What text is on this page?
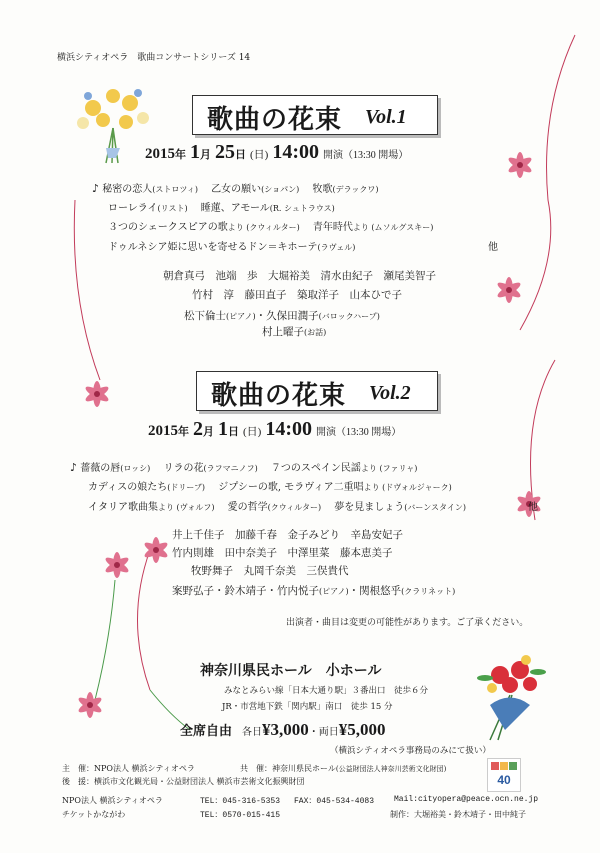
横浜シティオペラ　歌曲コンサートシリーズ 14
歌曲の花束 Vol.1
2015年 1月 25日 (日) 14:00 開演（13:30 開場）
♪ 秘密の恋人(ストロツィ)　 乙女の願い(ショパン)　 牧歌(デラックワ)
ローレライ(リスト)　 睡蓮、アモール(R. シュトラウス)
３つのシェークスピアの歌より (クウィルター)　 青年時代より (ムソルグスキー)
ドゥルネシア姫に思いを寄せるドン＝キホーテ(ラヴェル)	他
朝倉真弓　池端　歩　大堀裕美　清水由紀子　瀬尾美智子
竹村　淳　藤田直子　築取洋子　山本ひで子
松下倫士(ピアノ)・久保田潤子(バロックハープ)
村上曜子(お話)
歌曲の花束 Vol.2
2015年 2月 1日 (日) 14:00 開演（13:30 開場）
♪ 薔薇の唇(ロッシ)　 リラの花(ラフマニノフ)　 ７つのスペイン民謡より (ファリャ)
カディスの娘たち(ドリーブ)　 ジプシーの歌, モラヴィア二重唱より (ドヴォルジャーク)
イタリア歌曲集より (ヴォルフ)　 愛の哲学(クウィルター)　 夢を見ましょう(バーンスタイン)	他
井上千佳子　加藤千春　金子みどり　辛島安妃子
竹内則雄　田中奈美子　中澤里菜　藤本恵美子
牧野舞子　丸岡千奈美　三俣貴代
案野弘子・鈴木靖子・竹内悦子(ピアノ)・関根悠乎(クラリネット)
出演者・曲目は変更の可能性があります。ご了承ください。
神奈川県民ホール　小ホール
みなとみらい線「日本大通り駅」３番出口　徒歩６分
JR・市営地下鉄「関内駅」南口　徒歩 15 分
全席自由 各日¥3,000・両日¥5,000
（横浜シティオペラ事務局のみにて扱い）
主　催：NPO法人 横浜シティオペラ	共　催：神奈川県民ホール(公益財団法人神奈川芸術文化財団)
後　援：横浜市文化観光局・公益財団法人 横浜市芸術文化振興財団	40
NPO法人 横浜シティオペラ
チケットかながわ
TEL：045-316-5353 FAX：045-534-4083 Mail:cityopera@peace.ocn.ne.jp
TEL：0570-015-415	制作：大堀裕美・鈴木靖子・田中純子
